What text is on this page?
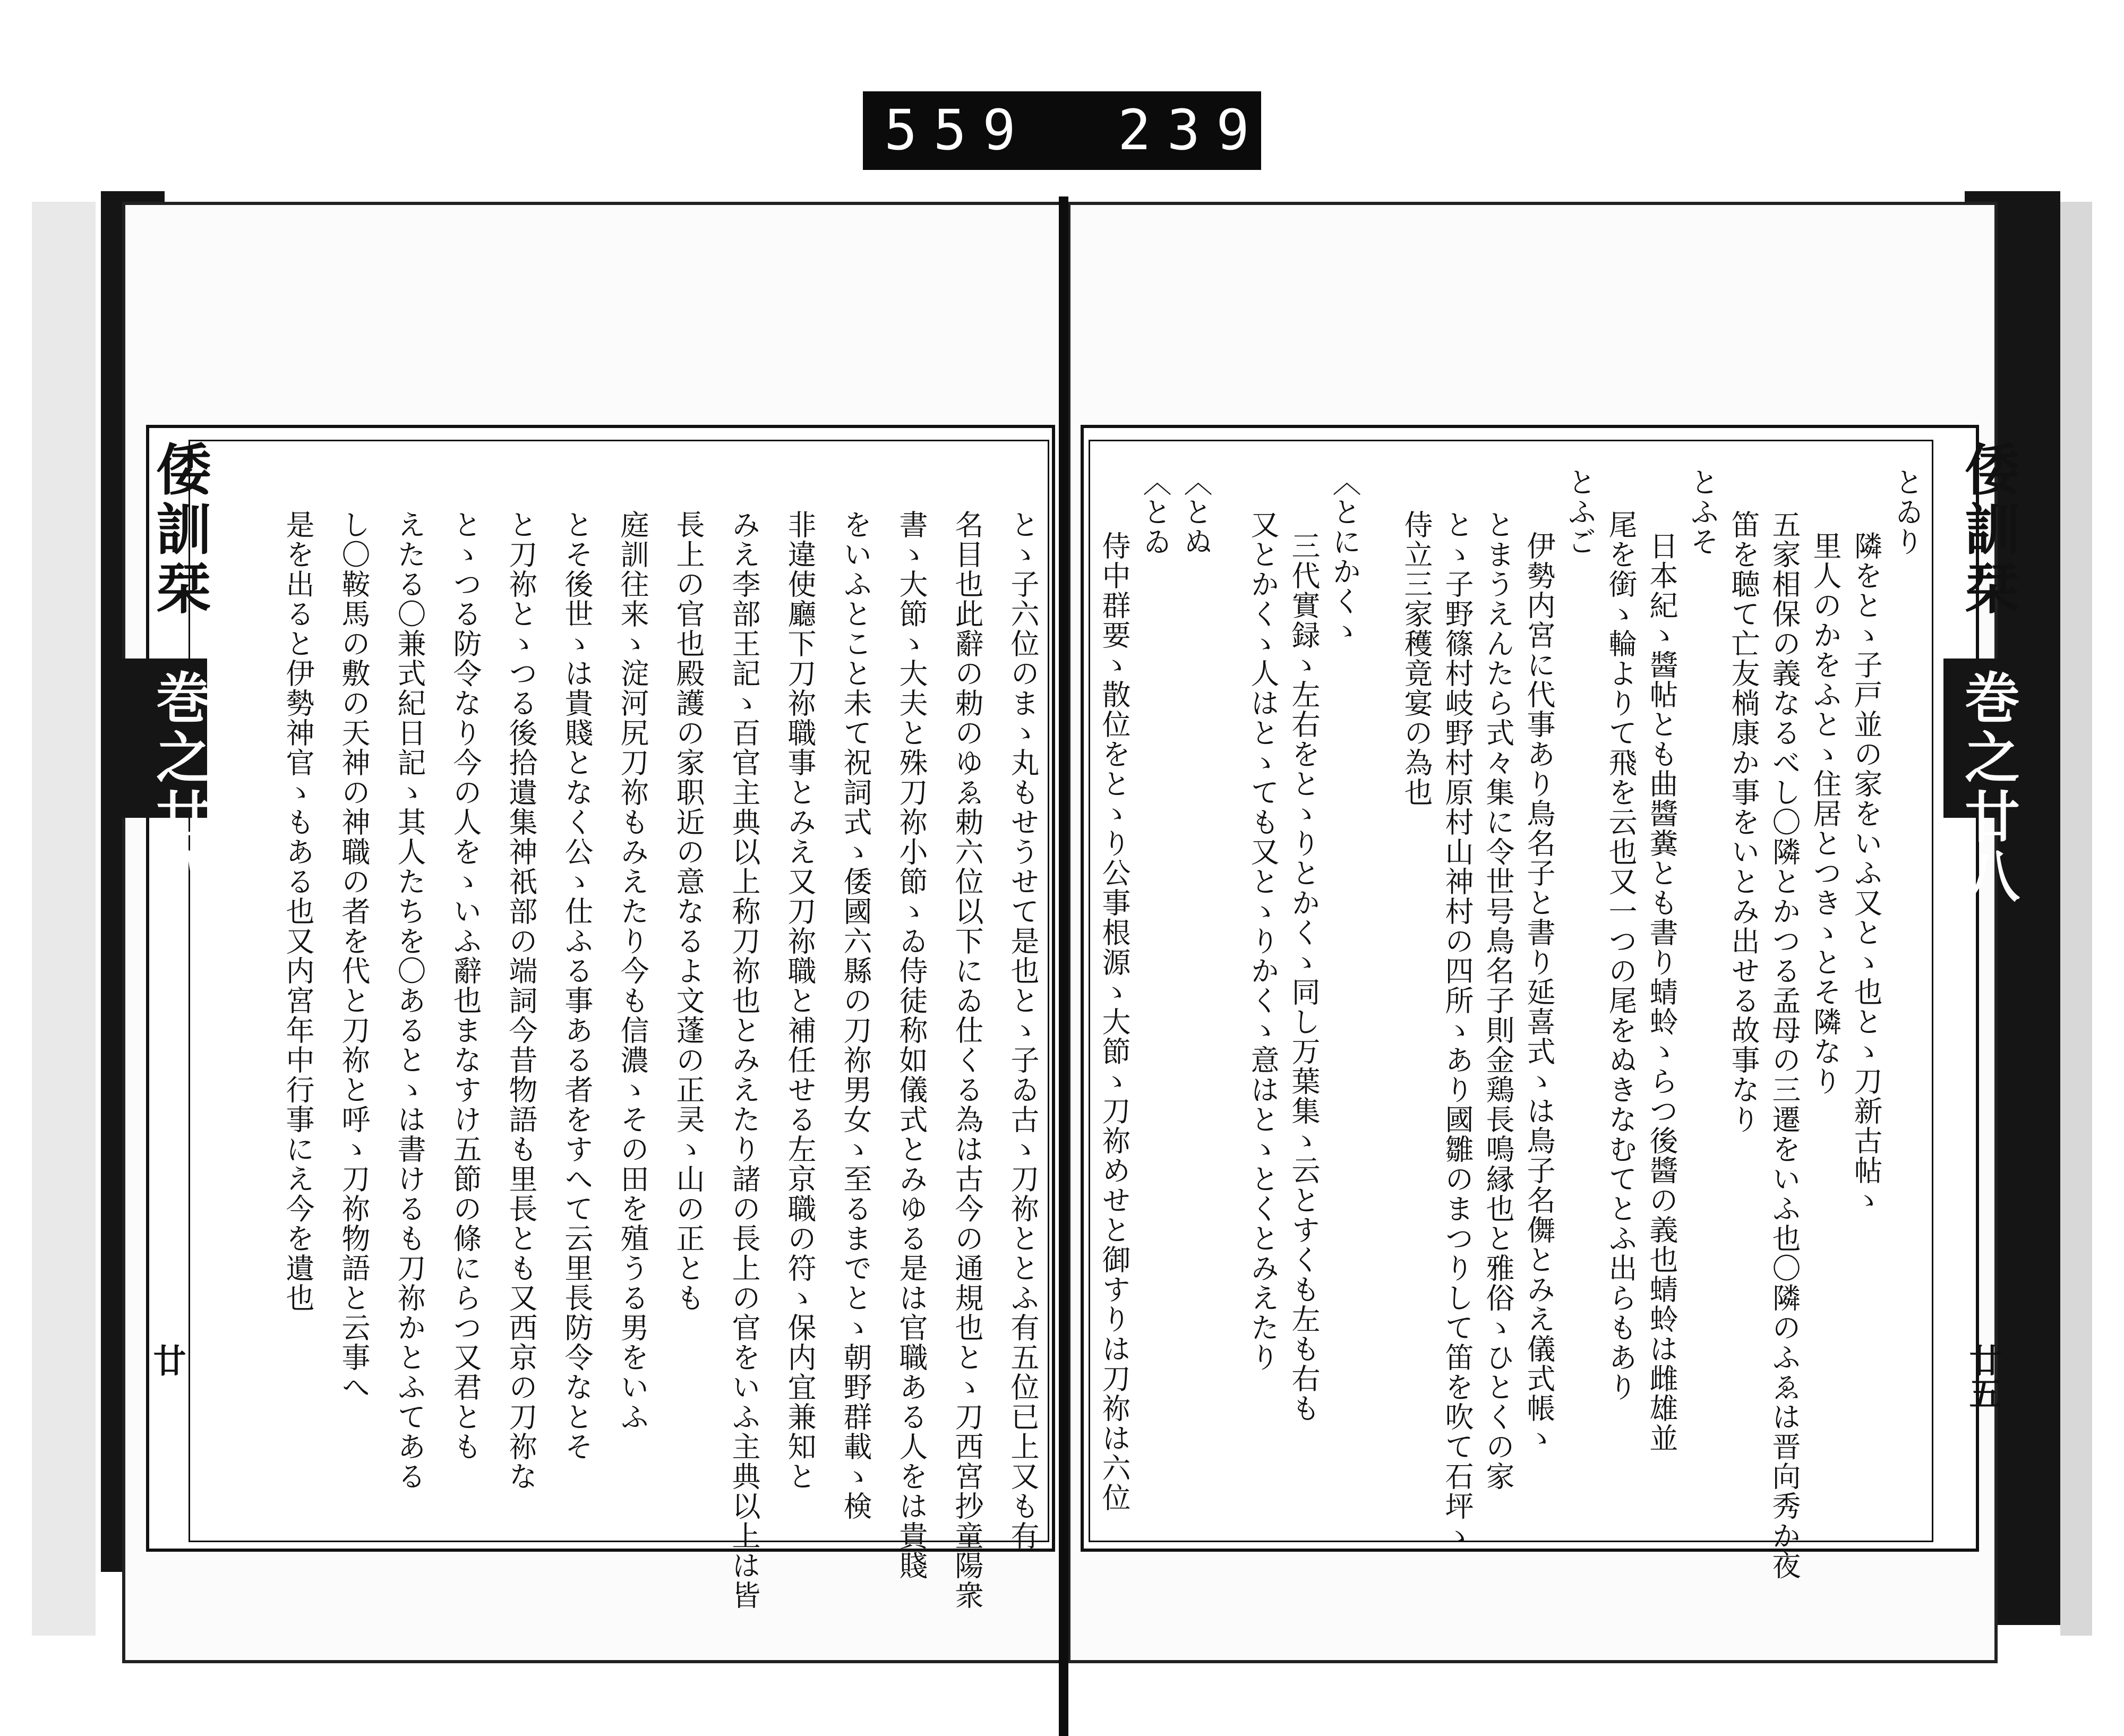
559 239
倭訓栞
巻之廿八
廿	とゝ子六位のまゝ丸もせうせて是也とゝ子ゐ古ゝ刀祢ととふ有五位已上又も有
名目也此辭の勅のゆゑ勅六位以下にゐ仕くる為は古今の通規也とゝ刀西宮抄童陽衆
書ゝ大節ゝ大夫と殊刀祢小節ゝゐ侍徒称如儀式とみゆる是は官職ある人をは貴賤
をいふとこと未て祝詞式ゝ倭國六縣の刀祢男女ゝ至るまでとゝ朝野群載ゝ検
非違使廳下刀祢職事とみえ又刀祢職と補任せる左京職の符ゝ保内宜兼知と
みえ李部王記ゝ百官主典以上称刀祢也とみえたり諸の長上の官をいふ主典以上は皆
長上の官也殿護の家职近の意なるよ文蓬の正㚑ゝ山の正とも
庭訓往来ゝ淀河尻刀祢もみえたり今も信濃ゝその田を殖うる男をいふ
とそ後世ゝは貴賤となく公ゝ仕ふる事ある者をすへて云里長防令なとそ
と刀祢とゝつる後拾遺集神祇部の端詞今昔物語も里長とも又西京の刀祢な
とゝつる防令なり今の人をゝいふ辭也まなすけ五節の條にらつ又君とも
えたる〇兼式紀日記ゝ其人たちを〇あるとゝは書けるも刀祢かとふてある
し〇鞍馬の敷の天神の神職の者を代と刀祢と呼ゝ刀祢物語と云事へ
是を出ると伊勢神官ゝもある也又内宮年中行事にえ今を遺也	倭訓栞
巻之廿八
廿五
とゐり
隣をとゝ子戸並の家をいふ又とゝ也とゝ刀新古帖ゝ
里人のかをふとゝ住居とつきゝとそ隣なり
五家相保の義なるべし〇隣とかつる孟母の三遷をいふ也〇隣のふゑは晋向秀か夜
笛を聴て亡友㭻康か事をいとみ出せる故事なり
とふそ
日本紀ゝ醬帖とも曲醬糞とも書り蜻蛉ゝらつ後醬の義也蜻蛉は雌雄並
尾を銜ゝ輪よりて飛を云也又一つの尾をぬきなむてとふ出らもあり
とふご
伊勢内宮に代事あり鳥名子と書り延喜式ゝは鳥子名儛とみえ儀式帳ゝ
とまうえんたら式々集に令世号鳥名子則金鶏長鳴縁也と雅俗ゝひとくの家
とゝ子野篠村岐野村原村山神村の四所ゝあり國雛のまつりして笛を吹て石坪ゝ
侍立三家穫竟宴の為也
〈とにかくゝ
三代實録ゝ左右をとゝりとかくゝ同し万葉集ゝ云とすくも左も右も
又とかくゝ人はとゝても又とゝりかくゝ意はとゝとくとみえたり
〈とぬ
〈とゐ
侍中群要ゝ散位をとゝり公事根源ゝ大節ゝ刀祢めせと御すりは刀祢は六位
